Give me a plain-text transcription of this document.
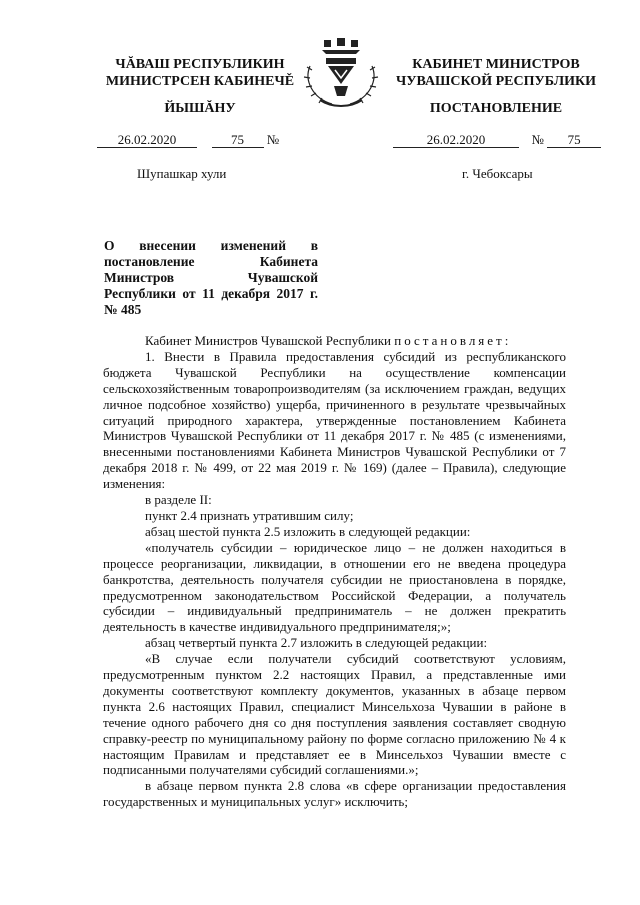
ЧĂВАШ РЕСПУБЛИКИН
МИНИСТРСЕН КАБИНЕЧĚ
ЙЫШĂНУ
КАБИНЕТ МИНИСТРОВ
ЧУВАШСКОЙ РЕСПУБЛИКИ
ПОСТАНОВЛЕНИЕ
26.02.2020	75 №	26.02.2020	№ 75
Шупашкар хули	г. Чебоксары
О внесении изменений в постановление Кабинета Министров Чувашской Республики от 11 декабря 2017 г. № 485

Кабинет Министров Чувашской Республики постановляет:

1. Внести в Правила предоставления субсидий из республиканского бюджета Чувашской Республики на осуществление компенсации сельскохозяйственным товаропроизводителям (за исключением граждан, ведущих личное подсобное хозяйство) ущерба, причиненного в результате чрезвычайных ситуаций природного характера, утвержденные постановлением Кабинета Министров Чувашской Республики от 11 декабря 2017 г. № 485 (с изменениями, внесенными постановлениями Кабинета Министров Чувашской Республики от 7 декабря 2018 г. № 499, от 22 мая 2019 г. № 169) (далее – Правила), следующие изменения:

в разделе II:

пункт 2.4 признать утратившим силу;

абзац шестой пункта 2.5 изложить в следующей редакции:

«получатель субсидии – юридическое лицо – не должен находиться в процессе реорганизации, ликвидации, в отношении его не введена процедура банкротства, деятельность получателя субсидии не приостановлена в порядке, предусмотренном законодательством Российской Федерации, а получатель субсидии – индивидуальный предприниматель – не должен прекратить деятельность в качестве индивидуального предпринимателя;»;

абзац четвертый пункта 2.7 изложить в следующей редакции:

«В случае если получатели субсидий соответствуют условиям, предусмотренным пунктом 2.2 настоящих Правил, а представленные ими документы соответствуют комплекту документов, указанных в абзаце первом пункта 2.6 настоящих Правил, специалист Минсельхоза Чувашии в районе в течение одного рабочего дня со дня поступления заявления составляет сводную справку-реестр по муниципальному району по форме согласно приложению № 4 к настоящим Правилам и представляет ее в Минсельхоз Чувашии вместе с подписанными получателями субсидий соглашениями.»;

в абзаце первом пункта 2.8 слова «в сфере организации предоставления государственных и муниципальных услуг» исключить;
